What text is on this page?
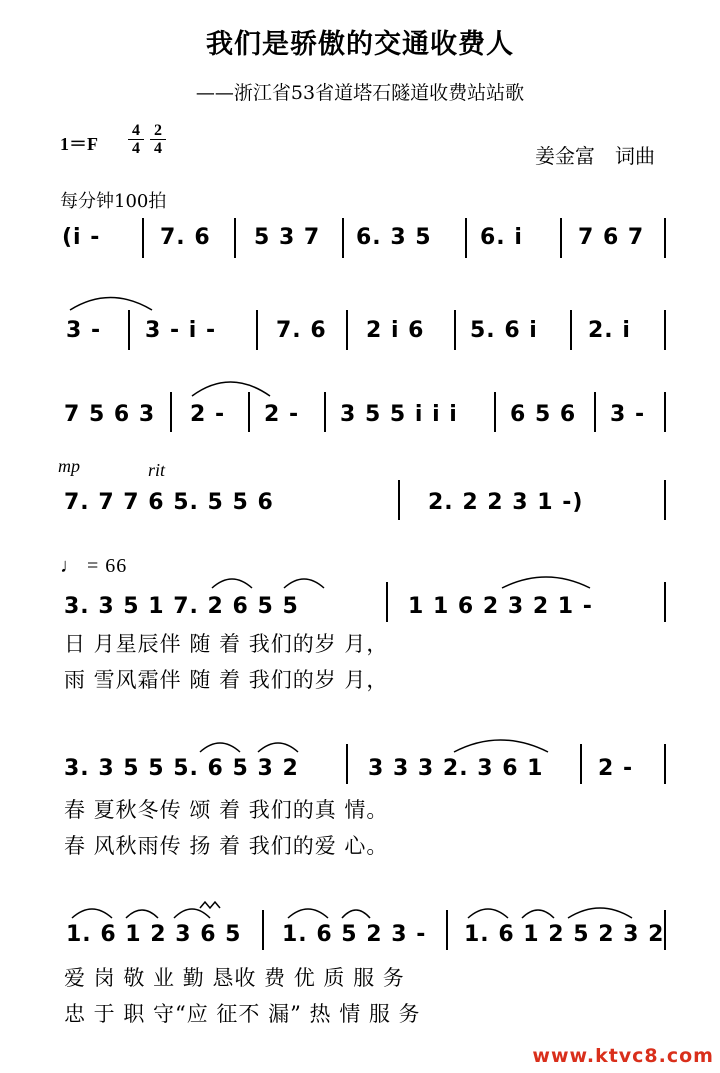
我们是骄傲的交通收费人
——浙江省53省道塔石隧道收费站站歌
1＝F
4
4
2
4	姜金富　词曲
每分钟100拍
(i -	7. 6 5 3 7 6. 3 5 6. i	7 6 7
3 - 3 - i -	7. 6 2 i 6 5. 6 i 2. i
7 5 6 3 2 - 2 - 3 5 5 i i i 6 5 6 3 -
mp	rit
7. 7 7 6 5. 5 5 6	2. 2 2 3 1 -)
♩ = 66
3. 3 5 1 7. 2 6 5 5	1 1 6 2 3 2 1 -
日 月星辰伴 随 着 我们的岁 月，
雨 雪风霜伴 随 着 我们的岁 月，
3. 3 5 5 5. 6 5 3 2	3 3 3 2. 3 6 1 2 -
春 夏秋冬传 颂 着 我们的真 情。
春 风秋雨传 扬 着 我们的爱 心。
1. 6 1 2 3 6 5 1. 6 5 2 3 - 1. 6 1 2 5 2 3 2
爱 岗 敬 业 勤 恳收 费 优 质 服 务
忠 于 职 守“应 征不 漏” 热 情 服 务
www.ktvc8.com
